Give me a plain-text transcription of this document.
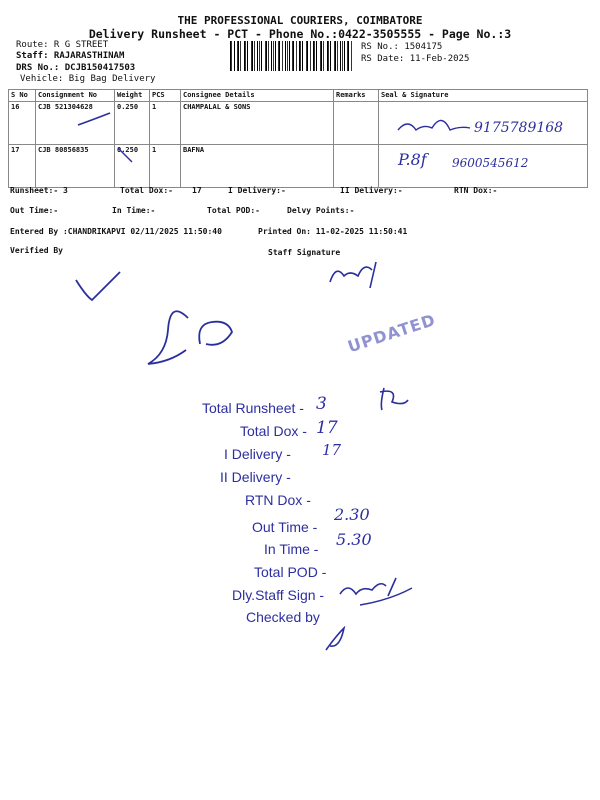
THE PROFESSIONAL COURIERS, COIMBATORE
Delivery Runsheet - PCT - Phone No.:0422-3505555 - Page No.:3
Route: R G STREET
Staff: RAJARASTHINAM
DRS No.: DCJB150417503
Vehicle: Big Bag Delivery
RS No.: 1504175
RS Date: 11-Feb-2025
S No	Consignment No	Weight	PCS	Consignee Details	Remarks	Seal & Signature
16	CJB 521304628	0.250	1	CHAMPALAL & SONS		
17	CJB 80856835	0.250	1	BAFNA		
Runsheet:- 3	Total Dox:- 17	I Delivery:-	II Delivery:-	RTN Dox:-
Out Time:-	In Time:-	Total POD:-	Delvy Points:-
Entered By :CHANDRIKAPVI 02/11/2025 11:50:40	Printed On: 11-02-2025 11:50:41
Verified By	Staff Signature
9175789168
P.8f 9600545612
UPDATED
Total Runsheet - 3
Total Dox - 17
I Delivery - 17
II Delivery -
RTN Dox -
Out Time -
2.30
In Time - 5.30
Total POD -
Dly.Staff Sign -
Checked by
